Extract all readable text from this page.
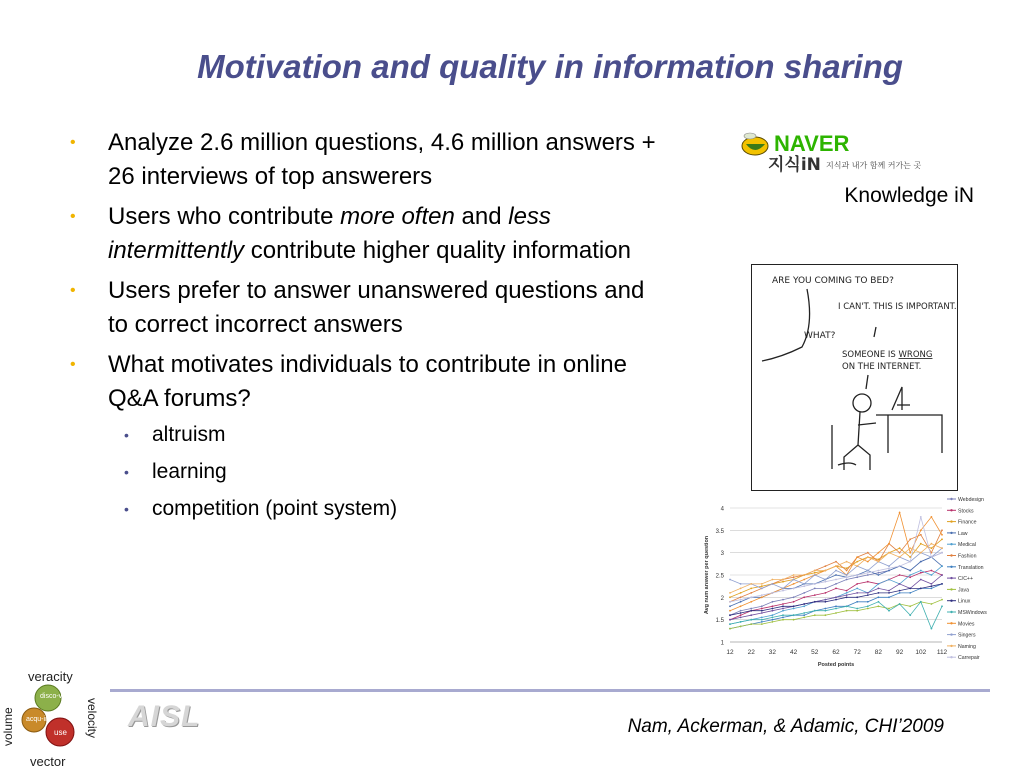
Motivation and quality in information sharing
• Analyze 2.6 million questions, 4.6 million answers + 26 interviews of top answerers
• Users who contribute more often and less intermittently contribute higher quality information
• Users prefer to answer unanswered questions and to correct incorrect answers
• What motivates individuals to contribute in online Q&A forums?
• altruism
• learning
• competition (point system)
NAVER
지식iN 지식과 내가 함께 커가는 곳
Knowledge iN
ARE YOU COMING TO BED?
I CAN'T. THIS IS IMPORTANT.
WHAT?
SOMEONE IS WRONG ON THE INTERNET.
1
1.5
2
2.5
3
3.5
4
12 22 32 42 52 62 72 82 92 102 112
Posted points
Avg num answer per question
Webdesign
Stocks
Finance
Law
Medical
Fashion
Translation
C/C++
Java
Linux
MSWindows
Movies
Singers
Naming
Carrepair
veracity
vector
volume	velocity
disco-ver
acqu-ire
use AISL	Nam, Ackerman, & Adamic, CHI’2009
